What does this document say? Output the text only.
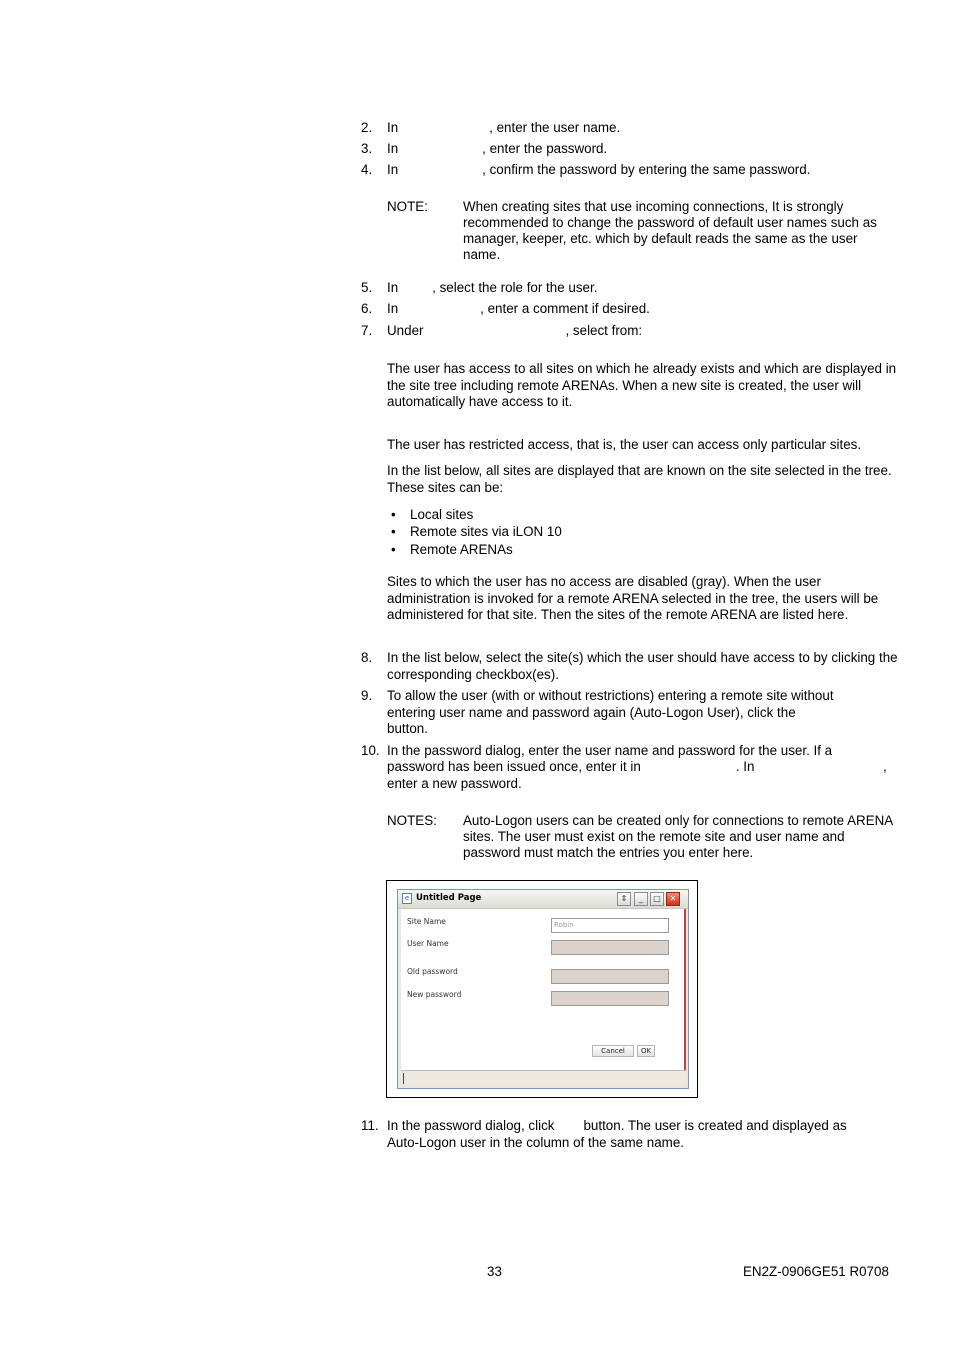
2. In	, enter the user name.
3. In	, enter the password.
4. In	, confirm the password by entering the same password.
NOTE:	When creating sites that use incoming connections, It is strongly recommended to change the password of default user names such as manager, keeper, etc. which by default reads the same as the user name.
5. In	, select the role for the user.
6. In	, enter a comment if desired.
7. Under	, select from:
The user has access to all sites on which he already exists and which are displayed in the site tree including remote ARENAs. When a new site is created, the user will automatically have access to it.
The user has restricted access, that is, the user can access only particular sites.
In the list below, all sites are displayed that are known on the site selected in the tree. These sites can be:
• Local sites
• Remote sites via iLON 10
• Remote ARENAs
Sites to which the user has no access are disabled (gray). When the user administration is invoked for a remote ARENA selected in the tree, the users will be administered for that site. Then the sites of the remote ARENA are listed here.
8. In the list below, select the site(s) which the user should have access to by clicking the corresponding checkbox(es).
9. To allow the user (with or without restrictions) entering a remote site without
entering user name and password again (Auto-Logon User), click the
button.
10. In the password dialog, enter the user name and password for the user. If a
password has been issued once, enter it in	. In	,
enter a new password.
NOTES: Auto-Logon users can be created only for connections to remote ARENA sites. The user must exist on the remote site and user name and password must match the entries you enter here.
e Untitled Page	⇕	_	□	✕
Site Name	Robin
User Name
Old password
New password
Cancel	OK
11. In the password dialog, click button. The user is created and displayed as
Auto-Logon user in the column of the same name.
33	EN2Z-0906GE51 R0708
